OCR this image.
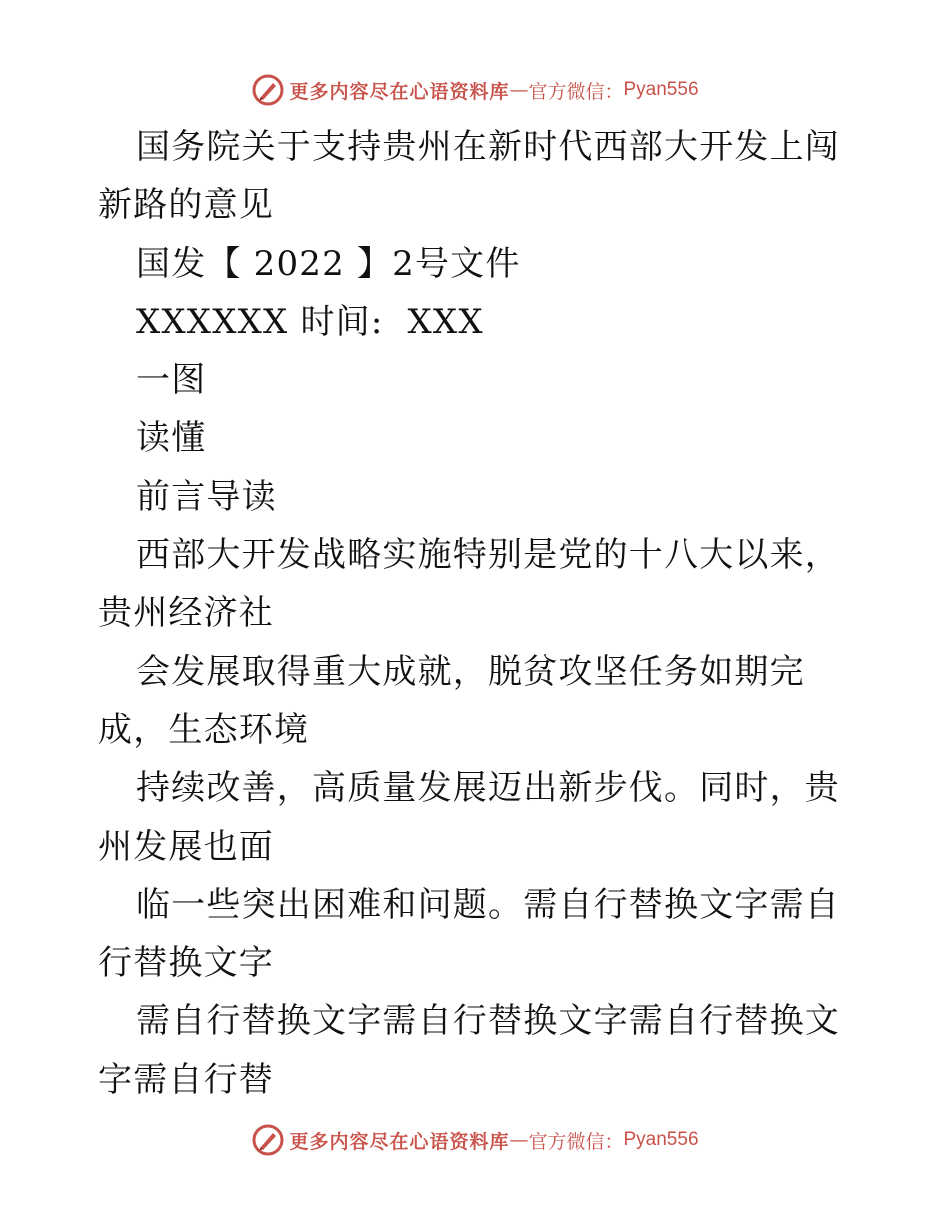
更多内容尽在心语资料库 — 官方微信： Pyan556

国务院关于支持贵州在新时代西部大开发上闯新路的意见

国发【 2022 】2号文件

XXXXXX 时间:  XXX

一图

读懂

前言导读

西部大开发战略实施特别是党的十八大以来，贵州经济社

会发展取得重大成就，脱贫攻坚任务如期完成，生态环境

持续改善，高质量发展迈出新步伐。同时，贵州发展也面

临一些突出困难和问题。需自行替换文字需自行替换文字

需自行替换文字需自行替换文字需自行替换文字需自行替

更多内容尽在心语资料库 — 官方微信： Pyan556
